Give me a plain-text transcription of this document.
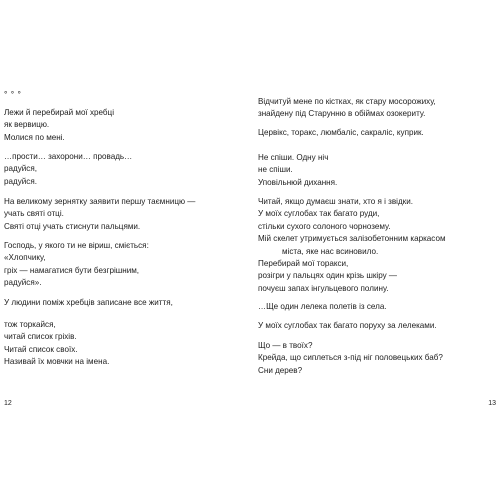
° ° °

Лежи й перебирай мої хребці
як вервицю.
Молися по мені.

…прости… захорони… провадь…
радуйся,
радуйся.

На великому зернятку заявити першу таємницю —
учать святі отці.
Святі отці учать стиснути пальцями.

Господь, у якого ти не віриш, сміється:
«Хлопчику,
гріх — намагатися бути безгрішним,
радуйся».

У людини поміж хребців записане все життя,

тож торкайся,
читай список гріхів.
Читай список своїх.
Називай їх мовчки на імена.

12

Відчитуй мене по кістках, як стару мосорожиху,
знайдену під Старунню в обіймах озокериту.

Цервікс, торакс, люмбаліс, сакраліс, куприк.

Не спіши. Одну ніч
не спіши.
Уповільнюй дихання.

Читай, якщо думаєш знати, хто я і звідки.
У моїх суглобах так багато руди,
стільки сухого солоного чорнозему.
Мій скелет утримується залізобетонним каркасом
міста, яке нас всиновило.
Перебирай мої торакси,
розігри у пальцях один крізь шкіру —
почуєш запах інгульцевого полину.

…Ще один лелека полетів із села.

У моїх суглобах так багато поруху за лелеками.

Що — в твоїх?
Крейда, що сиплеться з-під ніг половецьких баб?
Сни дерев?

13
